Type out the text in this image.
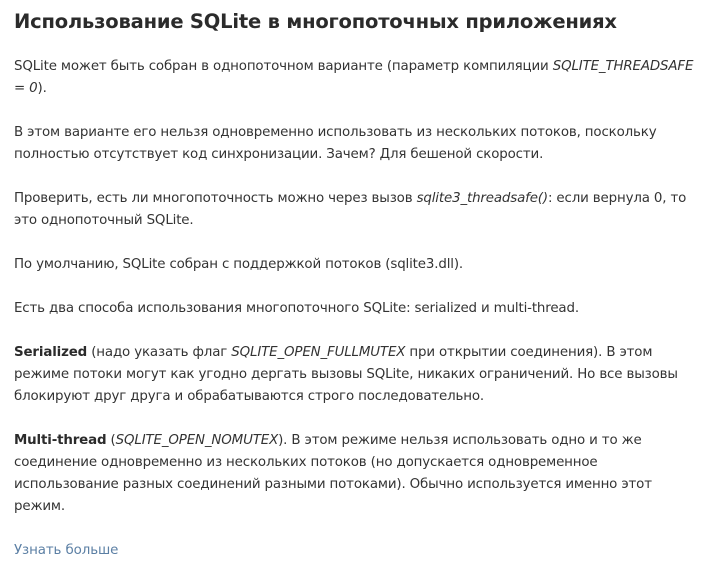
Использование SQLite в многопоточных приложениях

SQLite может быть собран в однопоточном варианте (параметр компиляции SQLITE_THREADSAFE = 0).

В этом варианте его нельзя одновременно использовать из нескольких потоков, поскольку полностью отсутствует код синхронизации. Зачем? Для бешеной скорости.

Проверить, есть ли многопоточность можно через вызов sqlite3_threadsafe(): если вернула 0, то это однопоточный SQLite.

По умолчанию, SQLite собран с поддержкой потоков (sqlite3.dll).

Есть два способа использования многопоточного SQLite: serialized и multi-thread.

Serialized (надо указать флаг SQLITE_OPEN_FULLMUTEX при открытии соединения). В этом режиме потоки могут как угодно дергать вызовы SQLite, никаких ограничений. Но все вызовы блокируют друг друга и обрабатываются строго последовательно.

Multi-thread (SQLITE_OPEN_NOMUTEX). В этом режиме нельзя использовать одно и то же соединение одновременно из нескольких потоков (но допускается одновременное использование разных соединений разными потоками). Обычно используется именно этот режим.

Узнать больше
